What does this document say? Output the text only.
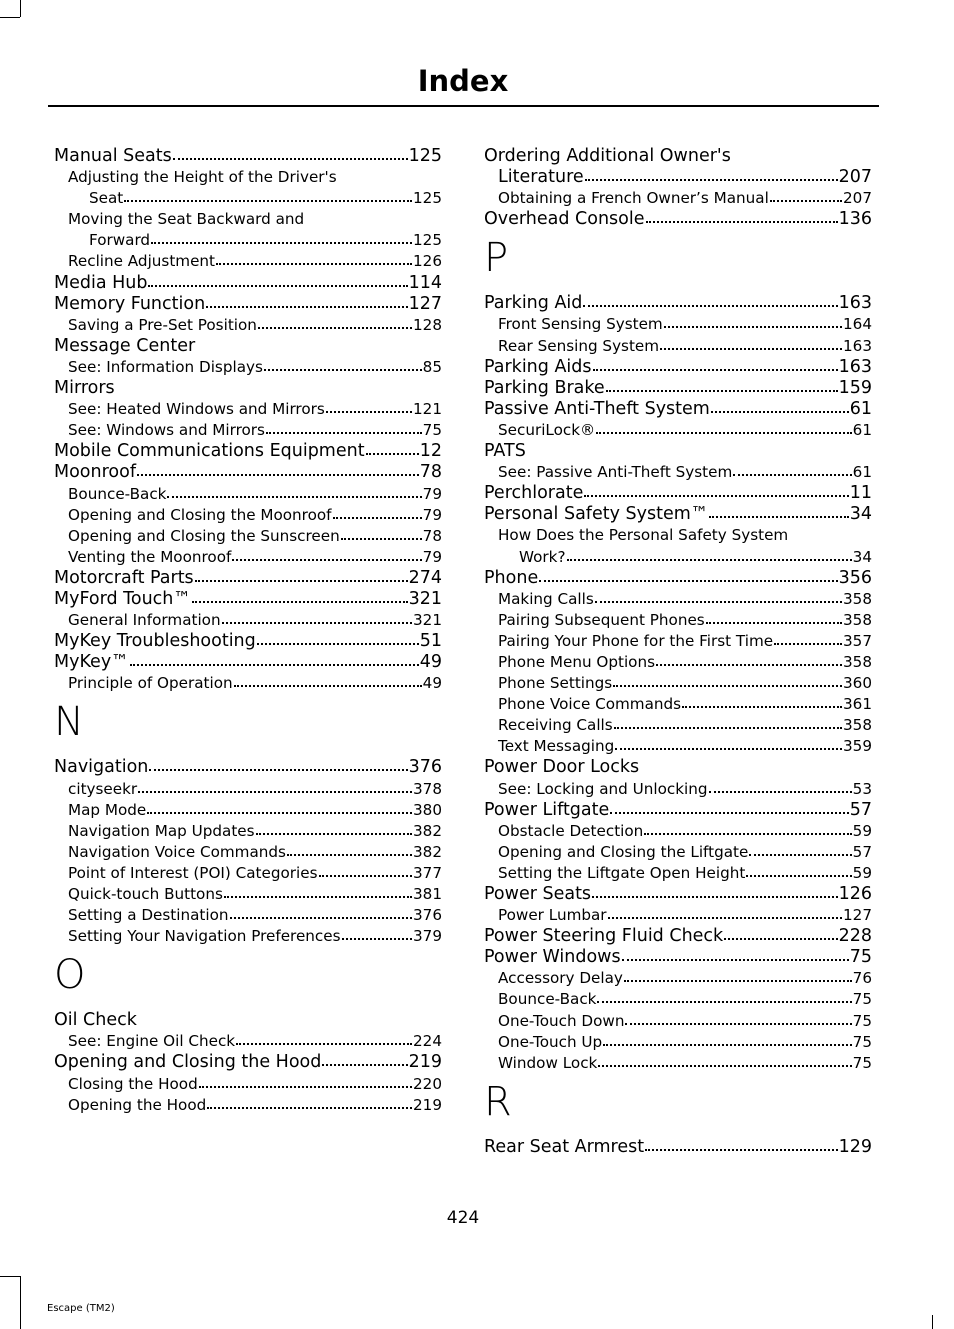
Index
Manual Seats	125
Adjusting the Height of the Driver's
Seat	125
Moving the Seat Backward and
Forward	125
Recline Adjustment	126
Media Hub	114
Memory Function	127
Saving a Pre-Set Position	128
Message Center
See: Information Displays	85
Mirrors
See: Heated Windows and Mirrors	121
See: Windows and Mirrors	75
Mobile Communications Equipment	12
Moonroof	78
Bounce-Back	79
Opening and Closing the Moonroof	79
Opening and Closing the Sunscreen	78
Venting the Moonroof	79
Motorcraft Parts	274
MyFord Touch™	321
General Information	321
MyKey Troubleshooting	51
MyKey™	49
Principle of Operation	49
N
Navigation	376
cityseekr	378
Map Mode	380
Navigation Map Updates	382
Navigation Voice Commands	382
Point of Interest (POI) Categories	377
Quick-touch Buttons	381
Setting a Destination	376
Setting Your Navigation Preferences	379
O
Oil Check
See: Engine Oil Check	224
Opening and Closing the Hood	219
Closing the Hood	220
Opening the Hood	219
Ordering Additional Owner's
Literature	207
Obtaining a French Owner’s Manual	207
Overhead Console	136
P
Parking Aid	163
Front Sensing System	164
Rear Sensing System	163
Parking Aids	163
Parking Brake	159
Passive Anti-Theft System	61
SecuriLock®	61
PATS
See: Passive Anti-Theft System	61
Perchlorate	11
Personal Safety System™	34
How Does the Personal Safety System
Work?	34
Phone	356
Making Calls	358
Pairing Subsequent Phones	358
Pairing Your Phone for the First Time	357
Phone Menu Options	358
Phone Settings	360
Phone Voice Commands	361
Receiving Calls	358
Text Messaging	359
Power Door Locks
See: Locking and Unlocking	53
Power Liftgate	57
Obstacle Detection	59
Opening and Closing the Liftgate	57
Setting the Liftgate Open Height	59
Power Seats	126
Power Lumbar	127
Power Steering Fluid Check	228
Power Windows	75
Accessory Delay	76
Bounce-Back	75
One-Touch Down	75
One-Touch Up	75
Window Lock	75
R
Rear Seat Armrest	129
424
Escape (TM2)
